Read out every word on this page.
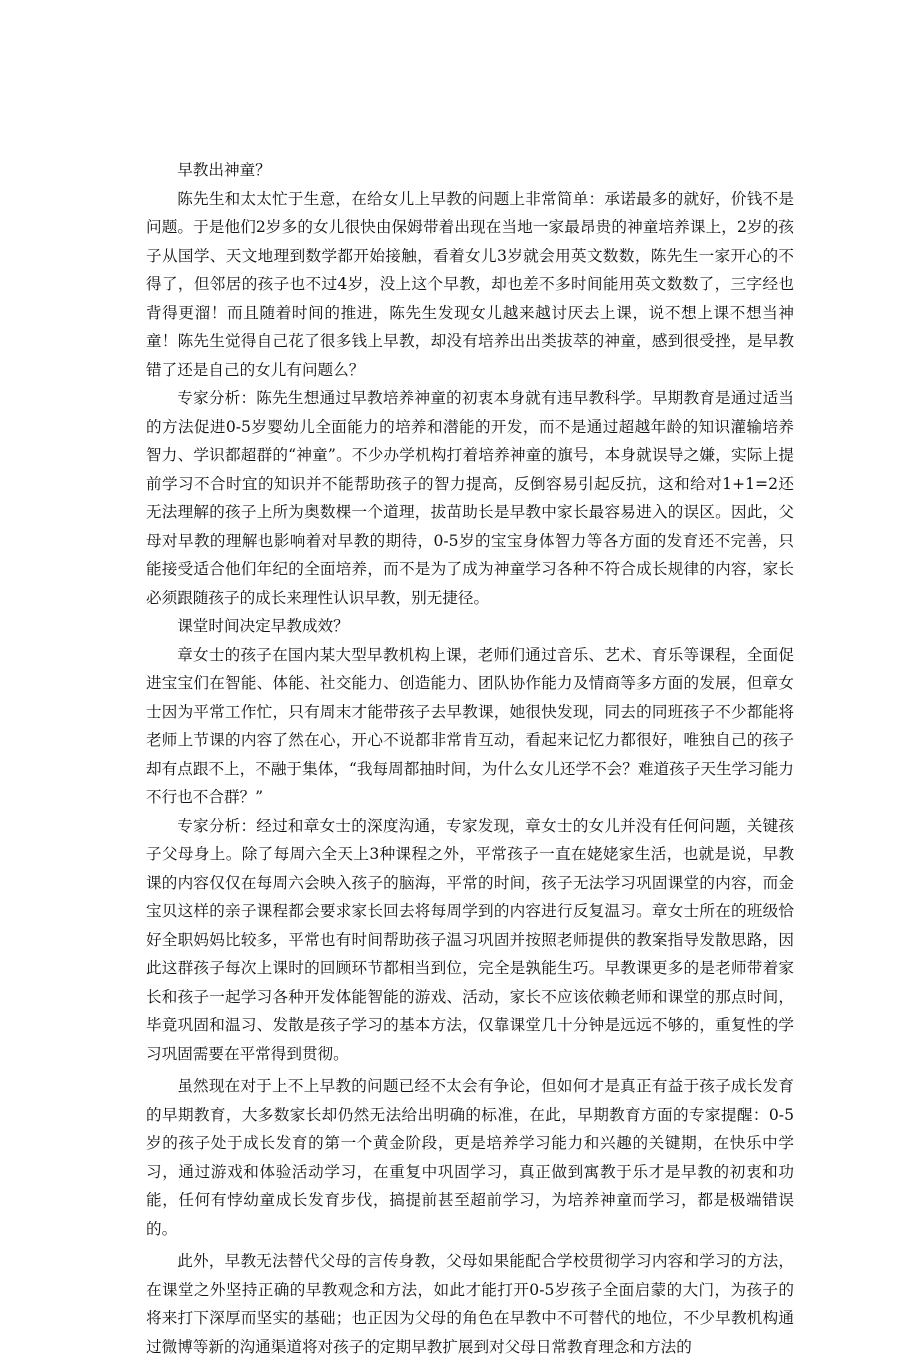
早教出神童？

陈先生和太太忙于生意，在给女儿上早教的问题上非常简单：承诺最多的就好，价钱不是问题。于是他们2岁多的女儿很快由保姆带着出现在当地一家最昂贵的神童培养课上，2岁的孩子从国学、天文地理到数学都开始接触，看着女儿3岁就会用英文数数，陈先生一家开心的不得了，但邻居的孩子也不过4岁，没上这个早教，却也差不多时间能用英文数数了，三字经也背得更溜！而且随着时间的推进，陈先生发现女儿越来越讨厌去上课，说不想上课不想当神童！陈先生觉得自己花了很多钱上早教，却没有培养出出类拔萃的神童，感到很受挫，是早教错了还是自己的女儿有问题么？

专家分析：陈先生想通过早教培养神童的初衷本身就有违早教科学。早期教育是通过适当的方法促进0-5岁婴幼儿全面能力的培养和潜能的开发，而不是通过超越年龄的知识灌输培养智力、学识都超群的“神童”。不少办学机构打着培养神童的旗号，本身就误导之嫌，实际上提前学习不合时宜的知识并不能帮助孩子的智力提高，反倒容易引起反抗，这和给对1+1=2还无法理解的孩子上所为奥数棵一个道理，拔苗助长是早教中家长最容易进入的误区。因此，父母对早教的理解也影响着对早教的期待，0-5岁的宝宝身体智力等各方面的发育还不完善，只能接受适合他们年纪的全面培养，而不是为了成为神童学习各种不符合成长规律的内容，家长必须跟随孩子的成长来理性认识早教，别无捷径。

课堂时间决定早教成效？

章女士的孩子在国内某大型早教机构上课，老师们通过音乐、艺术、育乐等课程，全面促进宝宝们在智能、体能、社交能力、创造能力、团队协作能力及情商等多方面的发展，但章女士因为平常工作忙，只有周末才能带孩子去早教课，她很快发现，同去的同班孩子不少都能将老师上节课的内容了然在心，开心不说都非常肯互动，看起来记忆力都很好，唯独自己的孩子却有点跟不上，不融于集体，“我每周都抽时间，为什么女儿还学不会？难道孩子天生学习能力不行也不合群？”

专家分析：经过和章女士的深度沟通，专家发现，章女士的女儿并没有任何问题，关键孩子父母身上。除了每周六全天上3种课程之外，平常孩子一直在姥姥家生活，也就是说，早教课的内容仅仅在每周六会映入孩子的脑海，平常的时间，孩子无法学习巩固课堂的内容，而金宝贝这样的亲子课程都会要求家长回去将每周学到的内容进行反复温习。章女士所在的班级恰好全职妈妈比较多，平常也有时间帮助孩子温习巩固并按照老师提供的教案指导发散思路，因此这群孩子每次上课时的回顾环节都相当到位，完全是孰能生巧。早教课更多的是老师带着家长和孩子一起学习各种开发体能智能的游戏、活动，家长不应该依赖老师和课堂的那点时间，毕竟巩固和温习、发散是孩子学习的基本方法，仅靠课堂几十分钟是远远不够的，重复性的学习巩固需要在平常得到贯彻。

虽然现在对于上不上早教的问题已经不太会有争论，但如何才是真正有益于孩子成长发育的早期教育，大多数家长却仍然无法给出明确的标准，在此，早期教育方面的专家提醒：0-5岁的孩子处于成长发育的第一个黄金阶段，更是培养学习能力和兴趣的关键期，在快乐中学习，通过游戏和体验活动学习，在重复中巩固学习，真正做到寓教于乐才是早教的初衷和功能，任何有悖幼童成长发育步伐，搞提前甚至超前学习，为培养神童而学习，都是极端错误的。

此外，早教无法替代父母的言传身教，父母如果能配合学校贯彻学习内容和学习的方法，在课堂之外坚持正确的早教观念和方法，如此才能打开0-5岁孩子全面启蒙的大门，为孩子的将来打下深厚而坚实的基础；也正因为父母的角色在早教中不可替代的地位，不少早教机构通过微博等新的沟通渠道将对孩子的定期早教扩展到对父母日常教育理念和方法的
